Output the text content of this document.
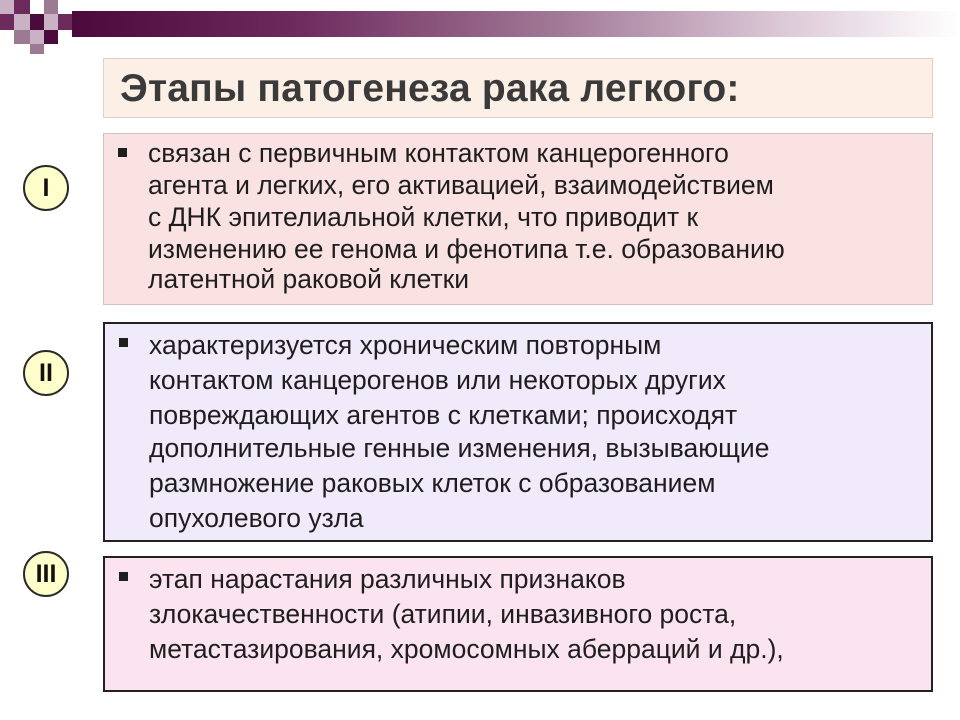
Этапы патогенеза рака легкого:
I
связан с первичным контактом канцерогенного
агента и легких, его активацией, взаимодействием
с ДНК эпителиальной клетки, что приводит к
изменению ее генома и фенотипа т.е. образованию
латентной раковой клетки
II
характеризуется хроническим повторным
контактом канцерогенов или некоторых других
повреждающих агентов с клетками; происходят
дополнительные генные изменения, вызывающие
размножение раковых клеток с образованием
опухолевого узла
III	этап нарастания различных признаков
злокачественности (атипии, инвазивного роста,
метастазирования, хромосомных аберраций и др.),
